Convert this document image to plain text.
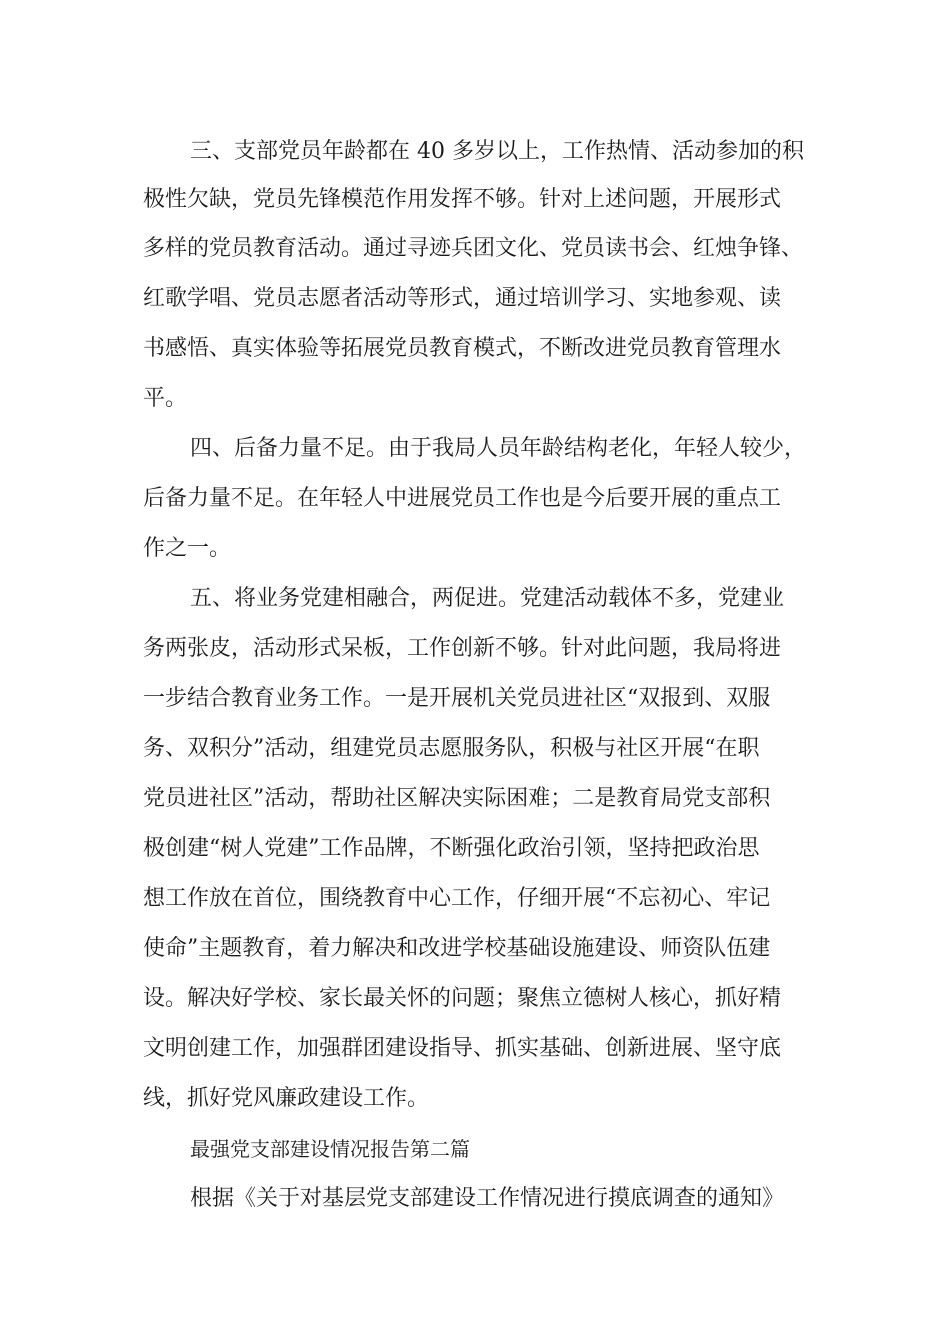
三、支部党员年龄都在 40 多岁以上，工作热情、活动参加的积

极性欠缺，党员先锋模范作用发挥不够。针对上述问题，开展形式

多样的党员教育活动。通过寻迹兵团文化、党员读书会、红烛争锋、

红歌学唱、党员志愿者活动等形式，通过培训学习、实地参观、读

书感悟、真实体验等拓展党员教育模式，不断改进党员教育管理水

平。

四、后备力量不足。由于我局人员年龄结构老化，年轻人较少，

后备力量不足。在年轻人中进展党员工作也是今后要开展的重点工

作之一。

五、将业务党建相融合，两促进。党建活动载体不多，党建业

务两张皮，活动形式呆板，工作创新不够。针对此问题，我局将进

一步结合教育业务工作。一是开展机关党员进社区“双报到、双服

务、双积分”活动，组建党员志愿服务队，积极与社区开展“在职

党员进社区”活动，帮助社区解决实际困难；二是教育局党支部积

极创建“树人党建”工作品牌，不断强化政治引领，坚持把政治思

想工作放在首位，围绕教育中心工作，仔细开展“不忘初心、牢记

使命”主题教育，着力解决和改进学校基础设施建设、师资队伍建

设。解决好学校、家长最关怀的问题；聚焦立德树人核心，抓好精

文明创建工作，加强群团建设指导、抓实基础、创新进展、坚守底

线，抓好党风廉政建设工作。

最强党支部建设情况报告第二篇

根据《关于对基层党支部建设工作情况进行摸底调查的通知》
